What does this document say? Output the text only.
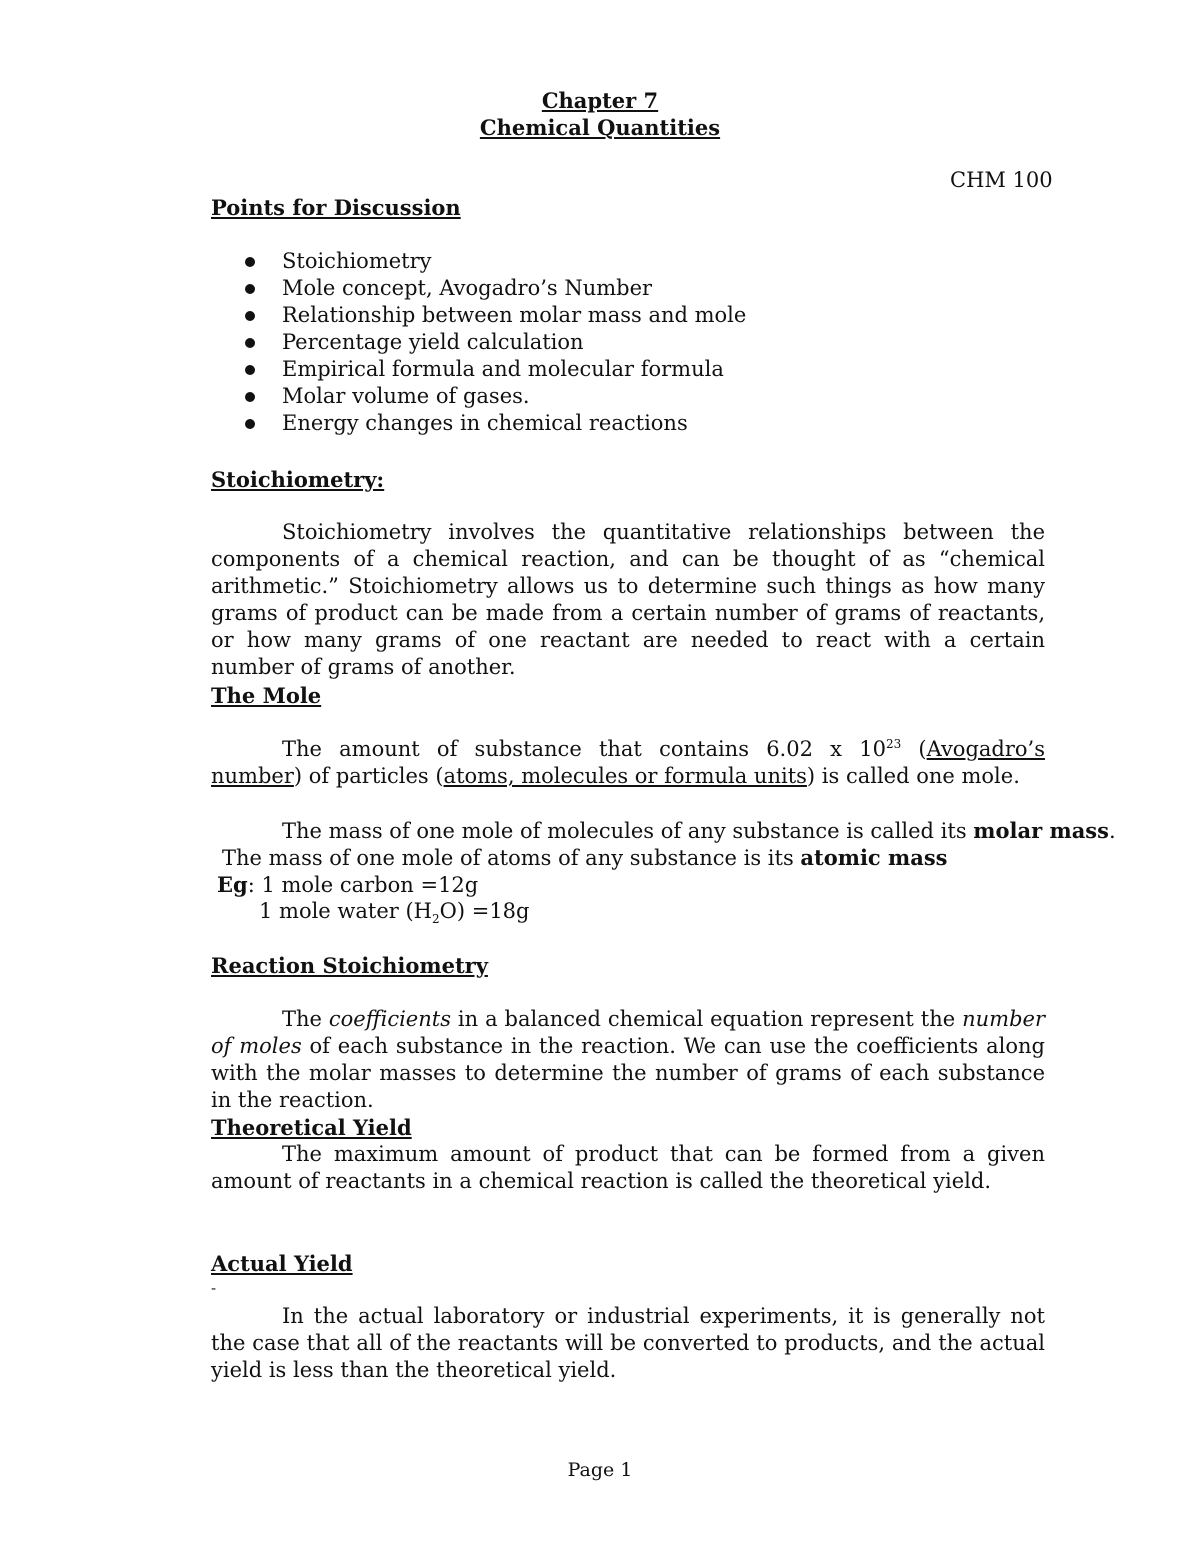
Chapter 7
Chemical Quantities
CHM 100
Points for Discussion
Stoichiometry
Mole concept, Avogadro’s Number
Relationship between molar mass and mole
Percentage yield calculation
Empirical formula and molecular formula
Molar volume of gases.
Energy changes in chemical reactions
Stoichiometry:

Stoichiometry involves the quantitative relationships between the components of a chemical reaction, and can be thought of as “chemical arithmetic.” Stoichiometry allows us to determine such things as how many grams of product can be made from a certain number of grams of reactants, or how many grams of one reactant are needed to react with a certain number of grams of another.

The Mole

The amount of substance that contains 6.02 x $10^{23}$ (Avogadro’s number) of particles (atoms, molecules or formula units) is called one mole.

The mass of one mole of molecules of any substance is called its molar mass.
The mass of one mole of atoms of any substance is its atomic mass
Eg: 1 mole carbon =12g
1 mole water $(H_2O) =18g$
Reaction Stoichiometry

The coefficients in a balanced chemical equation represent the number of moles of each substance in the reaction. We can use the coefficients along with the molar masses to determine the number of grams of each substance in the reaction.

Theoretical Yield

The maximum amount of product that can be formed from a given amount of reactants in a chemical reaction is called the theoretical yield.

Actual Yield
-

In the actual laboratory or industrial experiments, it is generally not the case that all of the reactants will be converted to products, and the actual yield is less than the theoretical yield.

Page 1
